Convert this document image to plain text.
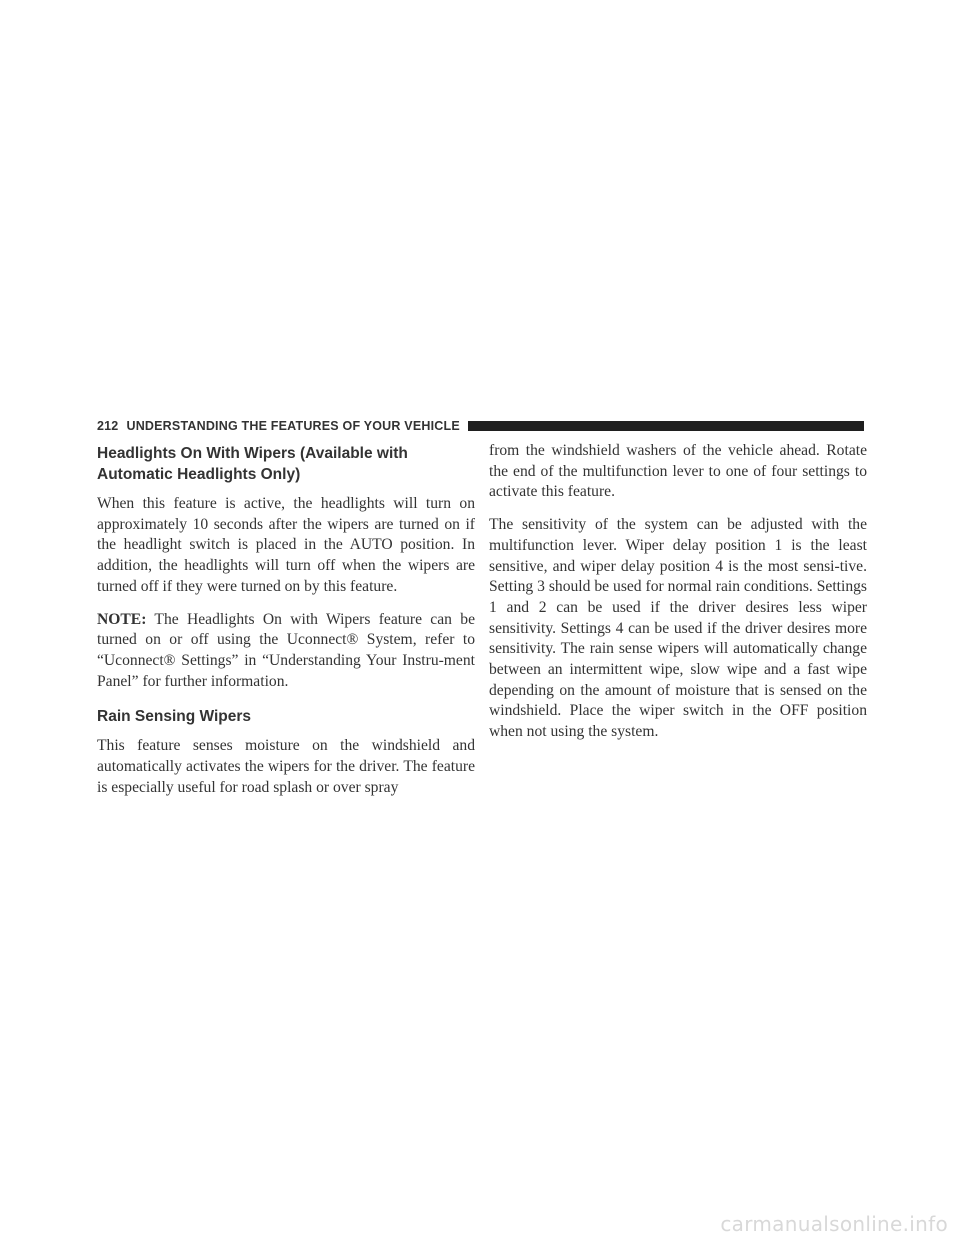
212 UNDERSTANDING THE FEATURES OF YOUR VEHICLE
Headlights On With Wipers (Available with Automatic Headlights Only)

When this feature is active, the headlights will turn on approximately 10 seconds after the wipers are turned on if the headlight switch is placed in the AUTO position. In addition, the headlights will turn off when the wipers are turned off if they were turned on by this feature.

NOTE: The Headlights On with Wipers feature can be turned on or off using the Uconnect® System, refer to “Uconnect® Settings” in “Understanding Your Instru-ment Panel” for further information.

Rain Sensing Wipers

This feature senses moisture on the windshield and automatically activates the wipers for the driver. The feature is especially useful for road splash or over spray

from the windshield washers of the vehicle ahead. Rotate the end of the multifunction lever to one of four settings to activate this feature.

The sensitivity of the system can be adjusted with the multifunction lever. Wiper delay position 1 is the least sensitive, and wiper delay position 4 is the most sensi-tive. Setting 3 should be used for normal rain conditions. Settings 1 and 2 can be used if the driver desires less wiper sensitivity. Settings 4 can be used if the driver desires more sensitivity. The rain sense wipers will automatically change between an intermittent wipe, slow wipe and a fast wipe depending on the amount of moisture that is sensed on the windshield. Place the wiper switch in the OFF position when not using the system.

carmanualsonline.info
